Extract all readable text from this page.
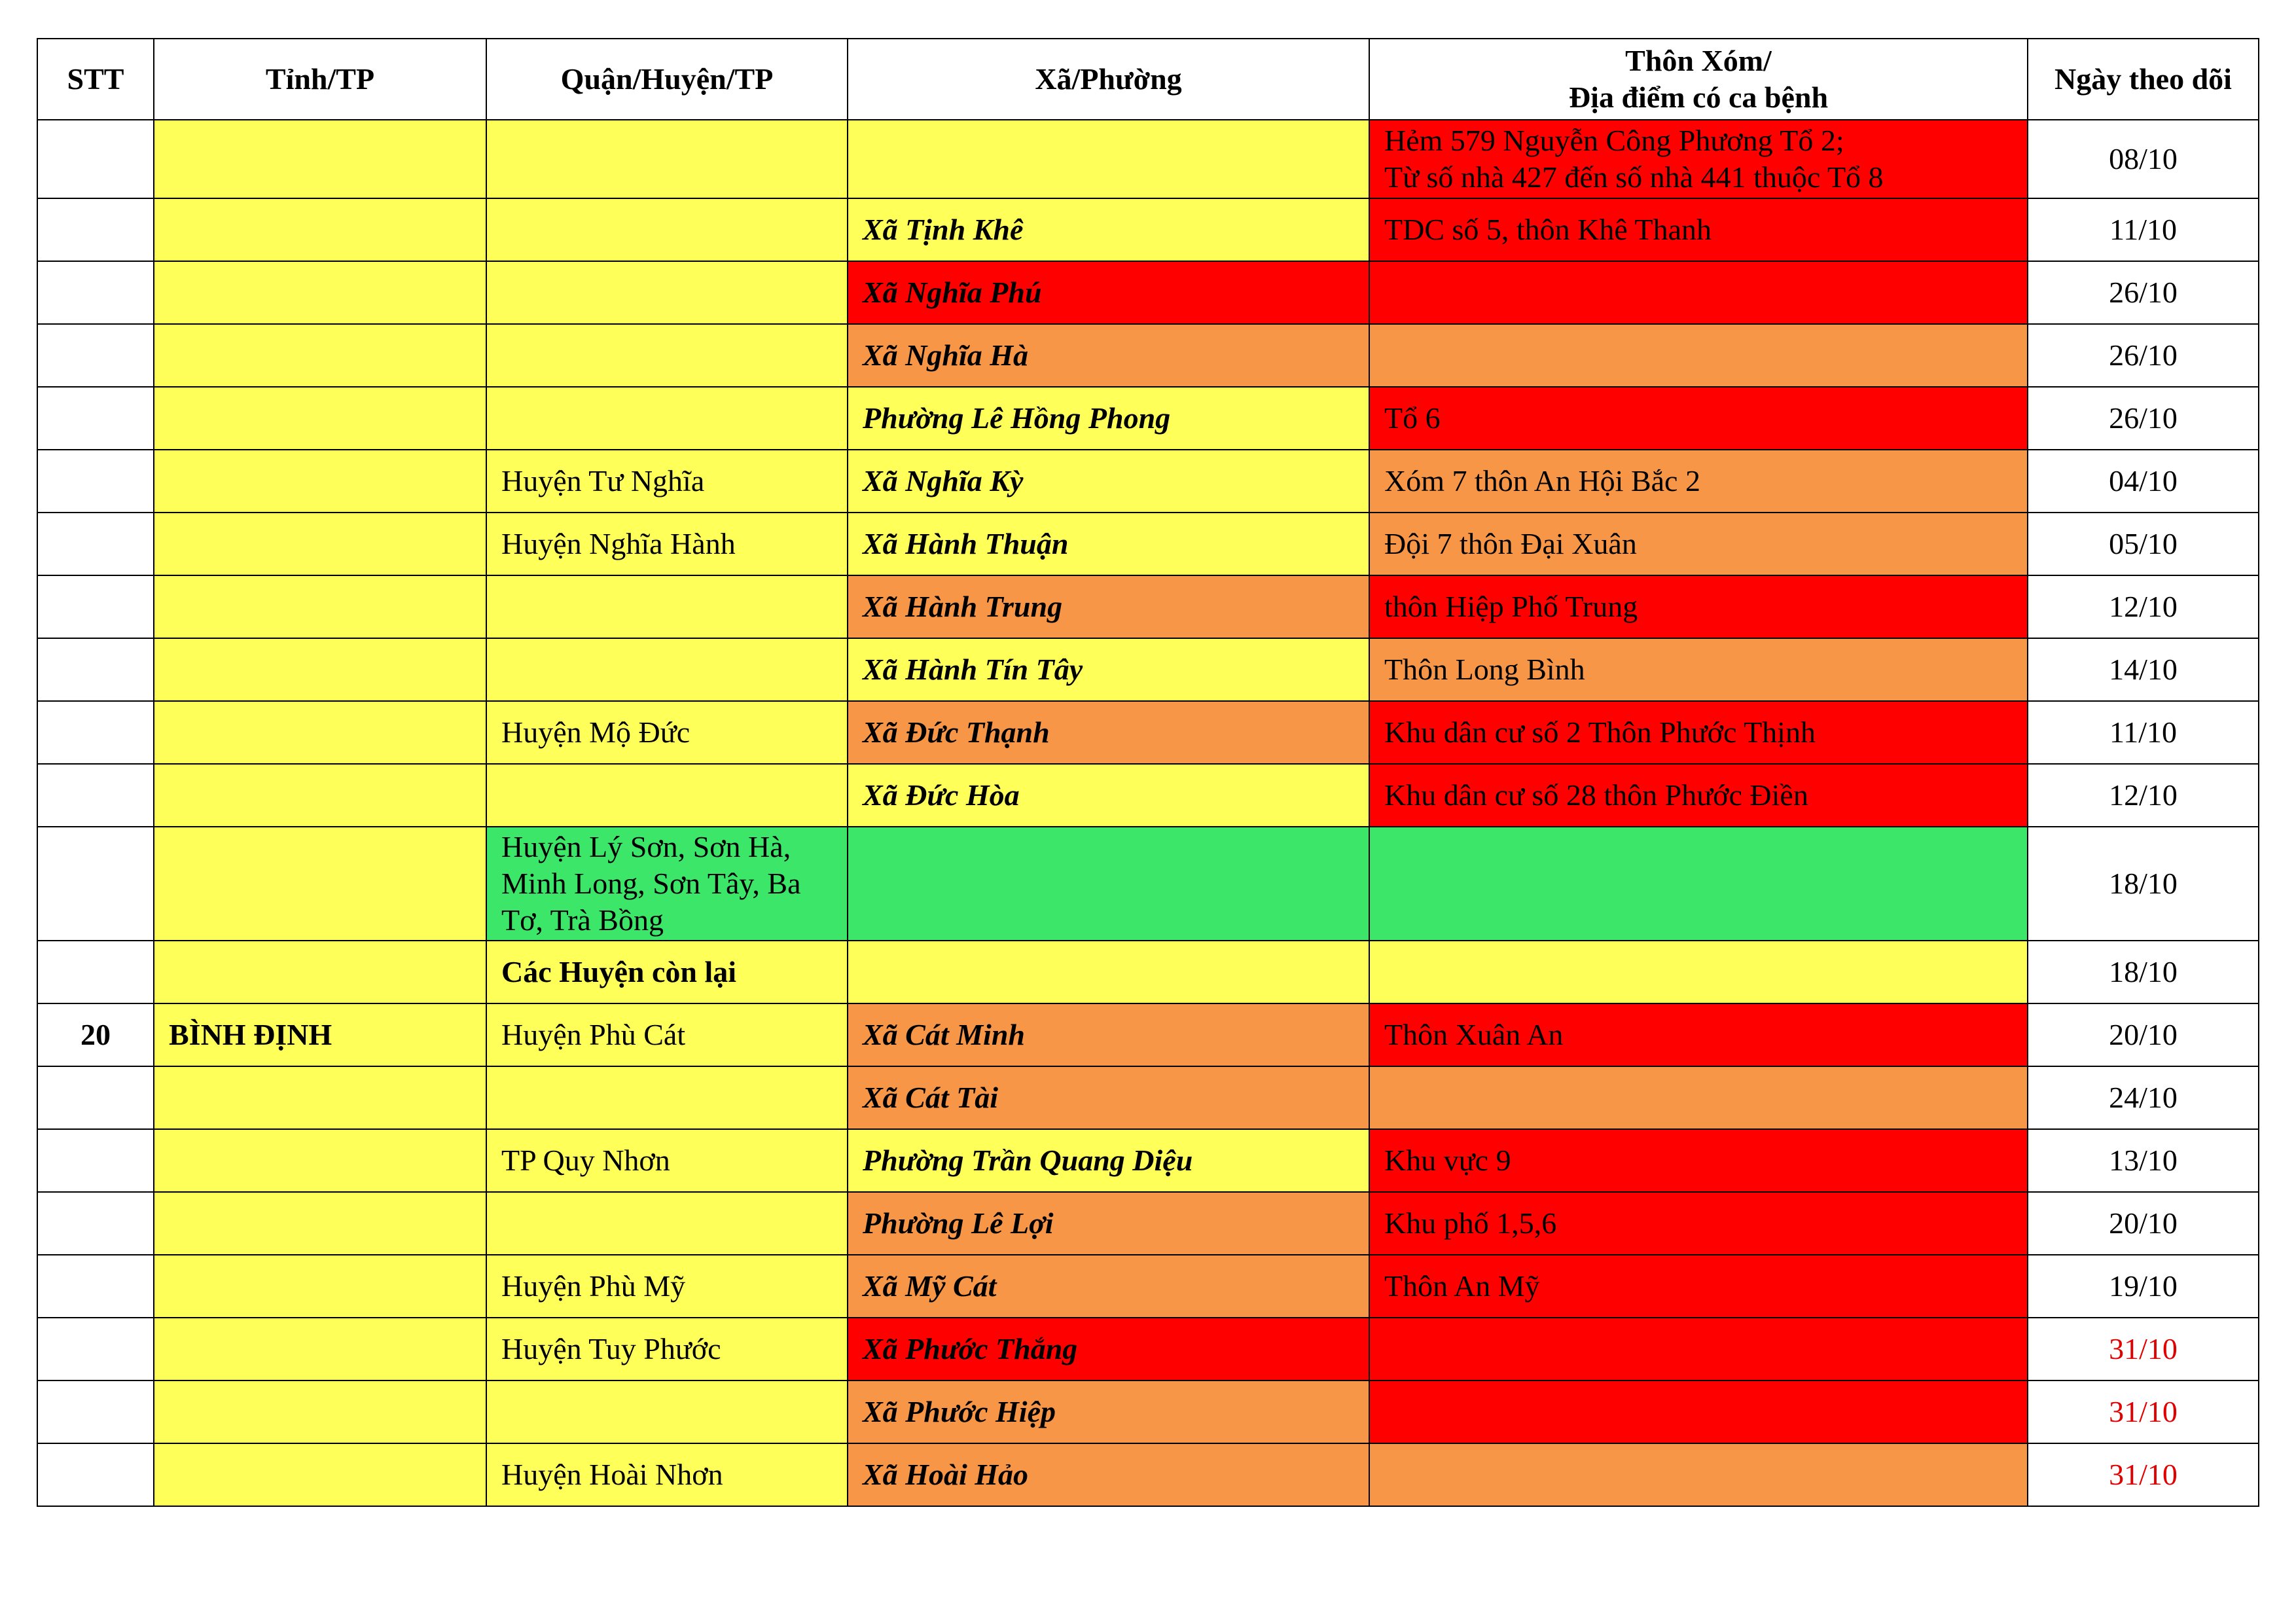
STT	Tỉnh/TP	Quận/Huyện/TP	Xã/Phường	Thôn Xóm/
Địa điểm có ca bệnh	Ngày theo dõi
				Hẻm 579 Nguyễn Công Phương Tổ 2;
Từ số nhà 427 đến số nhà 441 thuộc Tổ 8	08/10
			Xã Tịnh Khê	TDC số 5, thôn Khê Thanh	11/10
			Xã Nghĩa Phú		26/10
			Xã Nghĩa Hà		26/10
			Phường Lê Hồng Phong	Tổ 6	26/10
		Huyện Tư Nghĩa	Xã Nghĩa Kỳ	Xóm 7 thôn An Hội Bắc 2	04/10
		Huyện Nghĩa Hành	Xã Hành Thuận	Đội 7 thôn Đại Xuân	05/10
			Xã Hành Trung	thôn Hiệp Phố Trung	12/10
			Xã Hành Tín Tây	Thôn Long Bình	14/10
		Huyện Mộ Đức	Xã Đức Thạnh	Khu dân cư số 2 Thôn Phước Thịnh	11/10
			Xã Đức Hòa	Khu dân cư số 28 thôn Phước Điền	12/10
		Huyện Lý Sơn, Sơn Hà, Minh Long, Sơn Tây, Ba Tơ, Trà Bồng			18/10
		Các Huyện còn lại			18/10
20	BÌNH ĐỊNH	Huyện Phù Cát	Xã Cát Minh	Thôn Xuân An	20/10
			Xã Cát Tài		24/10
		TP Quy Nhơn	Phường Trần Quang Diệu	Khu vực 9	13/10
			Phường Lê Lợi	Khu phố 1,5,6	20/10
		Huyện Phù Mỹ	Xã Mỹ Cát	Thôn An Mỹ	19/10
		Huyện Tuy Phước	Xã Phước Thắng		31/10
			Xã Phước Hiệp		31/10
		Huyện Hoài Nhơn	Xã Hoài Hảo		31/10
